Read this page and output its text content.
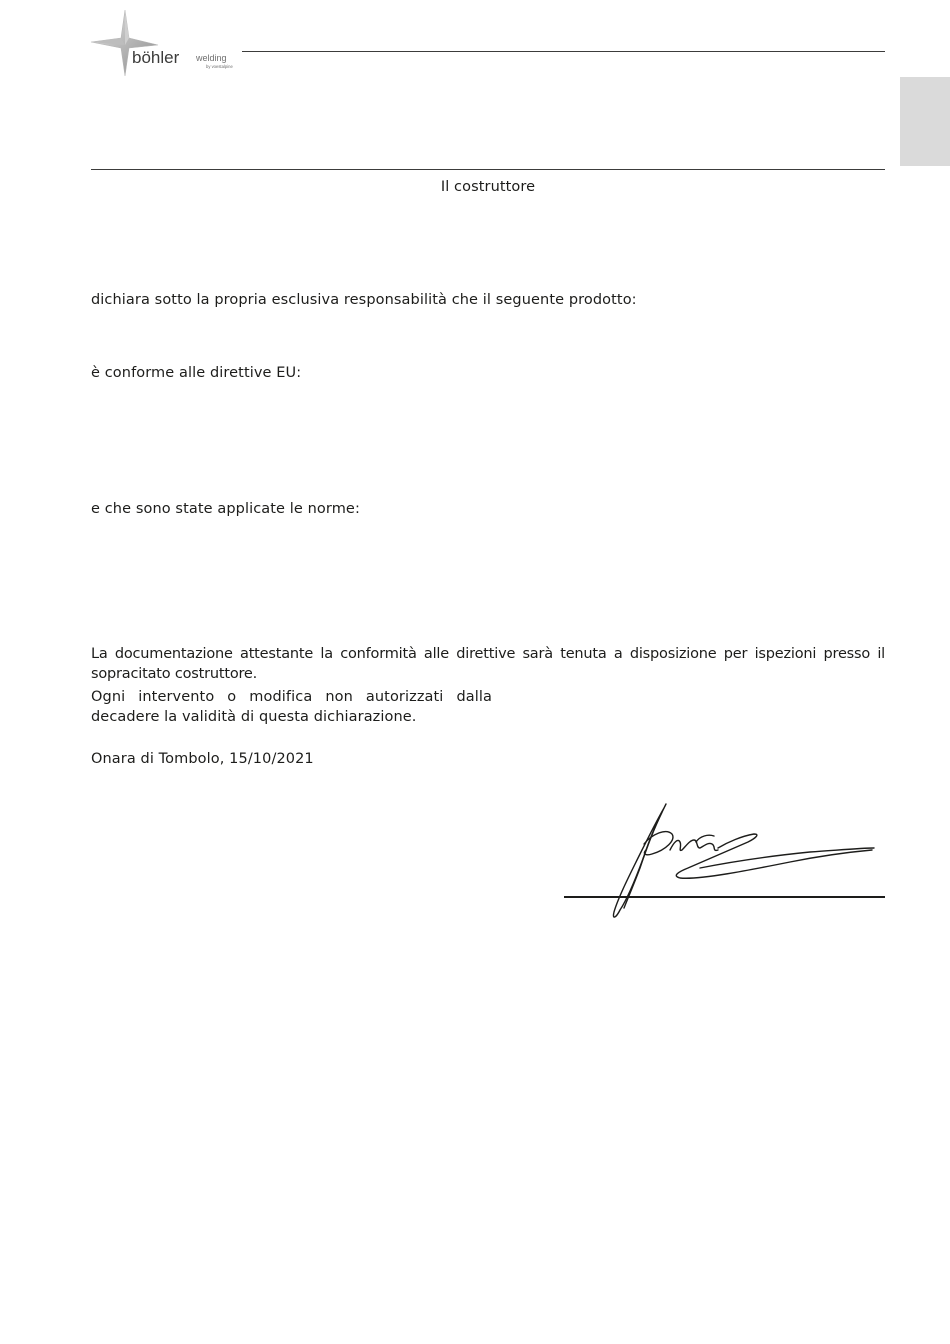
böhler welding
by voestalpine
Il costruttore
dichiara sotto la propria esclusiva responsabilità che il seguente prodotto:
è conforme alle direttive EU:
e che sono state applicate le norme:
La documentazione attestante la conformità alle direttive sarà tenuta a disposizione per ispezioni presso il sopracitato costruttore.
Ogni intervento o modifica non autorizzati dalla
decadere la validità di questa dichiarazione.
Onara di Tombolo, 15/10/2021
